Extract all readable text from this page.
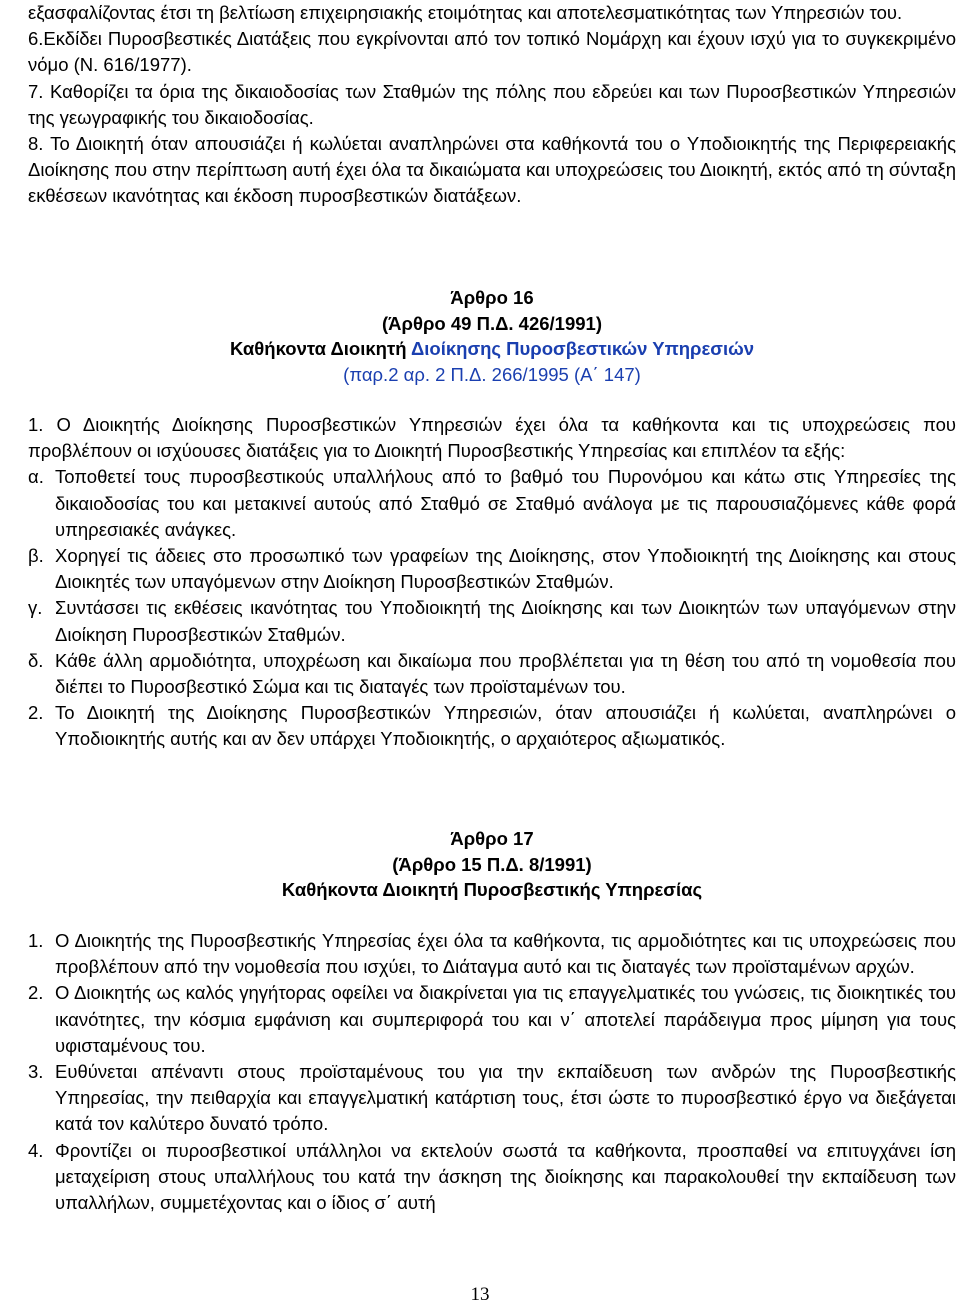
εξασφαλίζοντας έτσι τη βελτίωση επιχειρησιακής ετοιμότητας και αποτελεσματικότητας των Υπηρεσιών του.
6.Εκδίδει Πυροσβεστικές Διατάξεις που εγκρίνονται από τον τοπικό Νομάρχη και έχουν ισχύ για το συγκεκριμένο νόμο (Ν. 616/1977).
7. Καθορίζει τα όρια της δικαιοδοσίας των Σταθμών της πόλης που εδρεύει και των Πυροσβεστικών Υπηρεσιών της γεωγραφικής του δικαιοδοσίας.
8. Το Διοικητή όταν απουσιάζει ή κωλύεται αναπληρώνει στα καθήκοντά του ο Υποδιοικητής της Περιφερειακής Διοίκησης που στην περίπτωση αυτή έχει όλα τα δικαιώματα και υποχρεώσεις του Διοικητή, εκτός από τη σύνταξη εκθέσεων ικανότητας και έκδοση πυροσβεστικών διατάξεων.
Άρθρο 16
(Άρθρο 49 Π.Δ. 426/1991)
Καθήκοντα Διοικητή Διοίκησης Πυροσβεστικών Υπηρεσιών
(παρ.2 αρ. 2 Π.Δ. 266/1995 (Α΄ 147)
1. Ο Διοικητής Διοίκησης Πυροσβεστικών Υπηρεσιών έχει όλα τα καθήκοντα και τις υποχρεώσεις που προβλέπουν οι ισχύουσες διατάξεις για το Διοικητή Πυροσβεστικής Υπηρεσίας και επιπλέον τα εξής:
α. Τοποθετεί τους πυροσβεστικούς υπαλλήλους από το βαθμό του Πυρονόμου και κάτω στις Υπηρεσίες της δικαιοδοσίας του και μετακινεί αυτούς από Σταθμό σε Σταθμό ανάλογα με τις παρουσιαζόμενες κάθε φορά υπηρεσιακές ανάγκες.
β. Χορηγεί τις άδειες στο προσωπικό των γραφείων της Διοίκησης, στον Υποδιοικητή της Διοίκησης και στους Διοικητές των υπαγόμενων στην Διοίκηση Πυροσβεστικών Σταθμών.
γ. Συντάσσει τις εκθέσεις ικανότητας του Υποδιοικητή της Διοίκησης και των Διοικητών των υπαγόμενων στην Διοίκηση Πυροσβεστικών Σταθμών.
δ. Κάθε άλλη αρμοδιότητα, υποχρέωση και δικαίωμα που προβλέπεται για τη θέση του από τη νομοθεσία που διέπει το Πυροσβεστικό Σώμα και τις διαταγές των προϊσταμένων του.
2. Το Διοικητή της Διοίκησης Πυροσβεστικών Υπηρεσιών, όταν απουσιάζει ή κωλύεται, αναπληρώνει ο Υποδιοικητής αυτής και αν δεν υπάρχει Υποδιοικητής, ο αρχαιότερος αξιωματικός.
Άρθρο 17
(Άρθρο 15 Π.Δ. 8/1991)
Καθήκοντα Διοικητή Πυροσβεστικής Υπηρεσίας
1. Ο Διοικητής της Πυροσβεστικής Υπηρεσίας έχει όλα τα καθήκοντα, τις αρμοδιότητες και τις υποχρεώσεις που προβλέπουν από την νομοθεσία που ισχύει, το Διάταγμα αυτό και τις διαταγές των προϊσταμένων αρχών.
2. Ο Διοικητής ως καλός γηγήτορας οφείλει να διακρίνεται για τις επαγγελματικές του γνώσεις, τις διοικητικές του ικανότητες, την κόσμια εμφάνιση και συμπεριφορά του και ν΄ αποτελεί παράδειγμα προς μίμηση για τους υφισταμένους του.
3. Ευθύνεται απέναντι στους προϊσταμένους του για την εκπαίδευση των ανδρών της Πυροσβεστικής Υπηρεσίας, την πειθαρχία και επαγγελματική κατάρτιση τους, έτσι ώστε το πυροσβεστικό έργο να διεξάγεται κατά τον καλύτερο δυνατό τρόπο.
4. Φροντίζει οι πυροσβεστικοί υπάλληλοι να εκτελούν σωστά τα καθήκοντα, προσπαθεί να επιτυγχάνει ίση μεταχείριση στους υπαλλήλους του κατά την άσκηση της διοίκησης και παρακολουθεί την εκπαίδευση των υπαλλήλων, συμμετέχοντας και ο ίδιος σ΄ αυτή
13
